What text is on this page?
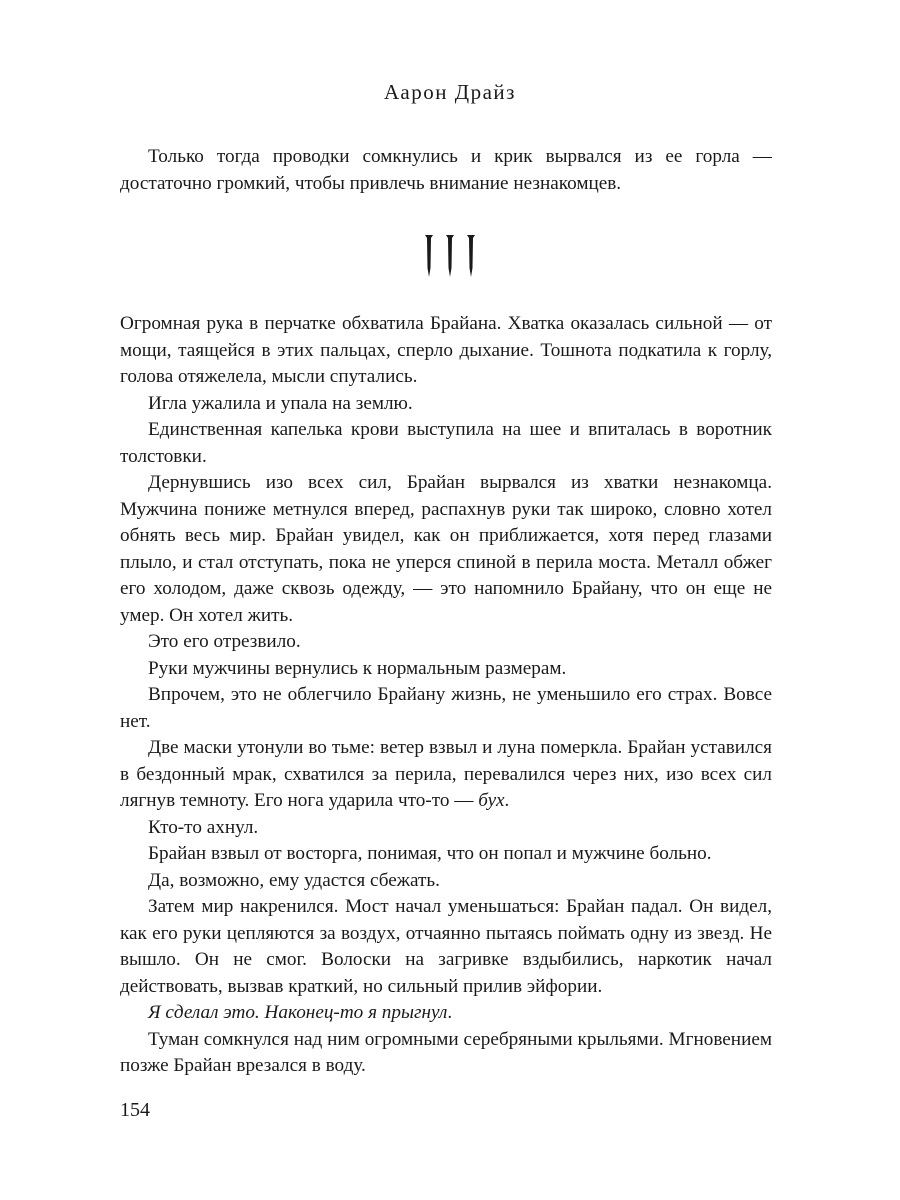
Аарон Драйз

Только тогда проводки сомкнулись и крик вырвался из ее горла — достаточно громкий, чтобы привлечь внимание незнакомцев.

Огромная рука в перчатке обхватила Брайана. Хватка оказалась сильной — от мощи, таящейся в этих пальцах, сперло дыхание. Тошнота подкатила к горлу, голова отяжелела, мысли спутались.

Игла ужалила и упала на землю.

Единственная капелька крови выступила на шее и впиталась в воротник толстовки.

Дернувшись изо всех сил, Брайан вырвался из хватки незнакомца. Мужчина пониже метнулся вперед, распахнув руки так широко, словно хотел обнять весь мир. Брайан увидел, как он приближается, хотя перед глазами плыло, и стал отступать, пока не уперся спиной в перила моста. Металл обжег его холодом, даже сквозь одежду, — это напомнило Брайану, что он еще не умер. Он хотел жить.

Это его отрезвило.

Руки мужчины вернулись к нормальным размерам.

Впрочем, это не облегчило Брайану жизнь, не уменьшило его страх. Вовсе нет.

Две маски утонули во тьме: ветер взвыл и луна померкла. Брайан уставился в бездонный мрак, схватился за перила, перевалился через них, изо всех сил лягнув темноту. Его нога ударила что-то — бух.

Кто-то ахнул.

Брайан взвыл от восторга, понимая, что он попал и мужчине больно.

Да, возможно, ему удастся сбежать.

Затем мир накренился. Мост начал уменьшаться: Брайан падал. Он видел, как его руки цепляются за воздух, отчаянно пытаясь поймать одну из звезд. Не вышло. Он не смог. Волоски на загривке вздыбились, наркотик начал действовать, вызвав краткий, но сильный прилив эйфории.

Я сделал это. Наконец-то я прыгнул.

Туман сомкнулся над ним огромными серебряными крыльями. Мгновением позже Брайан врезался в воду.

154
